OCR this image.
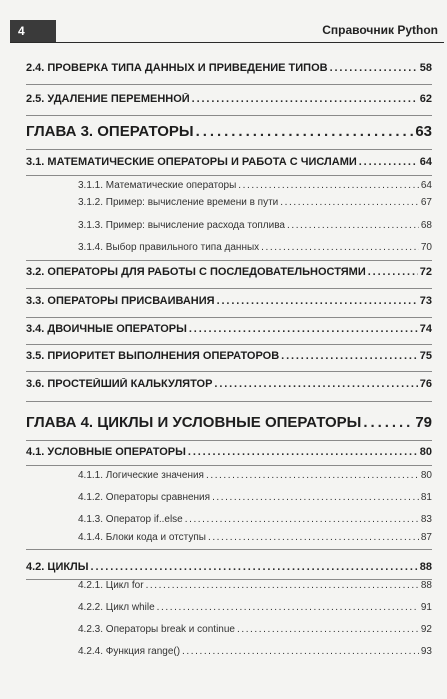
4	Справочник Python
2.4. ПРОВЕРКА ТИПА ДАННЫХ И ПРИВЕДЕНИЕ ТИПОВ . . .	58
2.5. УДАЛЕНИЕ ПЕРЕМЕННОЙ . . .	62
ГЛАВА 3. ОПЕРАТОРЫ . . .	63
3.1. МАТЕМАТИЧЕСКИЕ ОПЕРАТОРЫ И РАБОТА С ЧИСЛАМИ . . .	64
3.1.1. Математические операторы . . .	64
3.1.2. Пример: вычисление времени в пути . . .	67
3.1.3. Пример: вычисление расхода топлива . . .	68
3.1.4. Выбор правильного типа данных . . .	70
3.2. ОПЕРАТОРЫ ДЛЯ РАБОТЫ С ПОСЛЕДОВАТЕЛЬНОСТЯМИ . . .	72
3.3. ОПЕРАТОРЫ ПРИСВАИВАНИЯ . . .	73
3.4. ДВОИЧНЫЕ ОПЕРАТОРЫ . . .	74
3.5. ПРИОРИТЕТ ВЫПОЛНЕНИЯ ОПЕРАТОРОВ . . .	75
3.6. ПРОСТЕЙШИЙ КАЛЬКУЛЯТОР . . .	76
ГЛАВА 4. ЦИКЛЫ И УСЛОВНЫЕ ОПЕРАТОРЫ . . .	79
4.1. УСЛОВНЫЕ ОПЕРАТОРЫ . . .	80
4.1.1. Логические значения . . .	80
4.1.2. Операторы сравнения . . .	81
4.1.3. Оператор if..else . . .	83
4.1.4. Блоки кода и отступы . . .	87
4.2. ЦИКЛЫ . . .	88
4.2.1. Цикл for . . .	88
4.2.2. Цикл while . . .	91
4.2.3. Операторы break и continue . . .	92
4.2.4. Функция range() . . .	93
